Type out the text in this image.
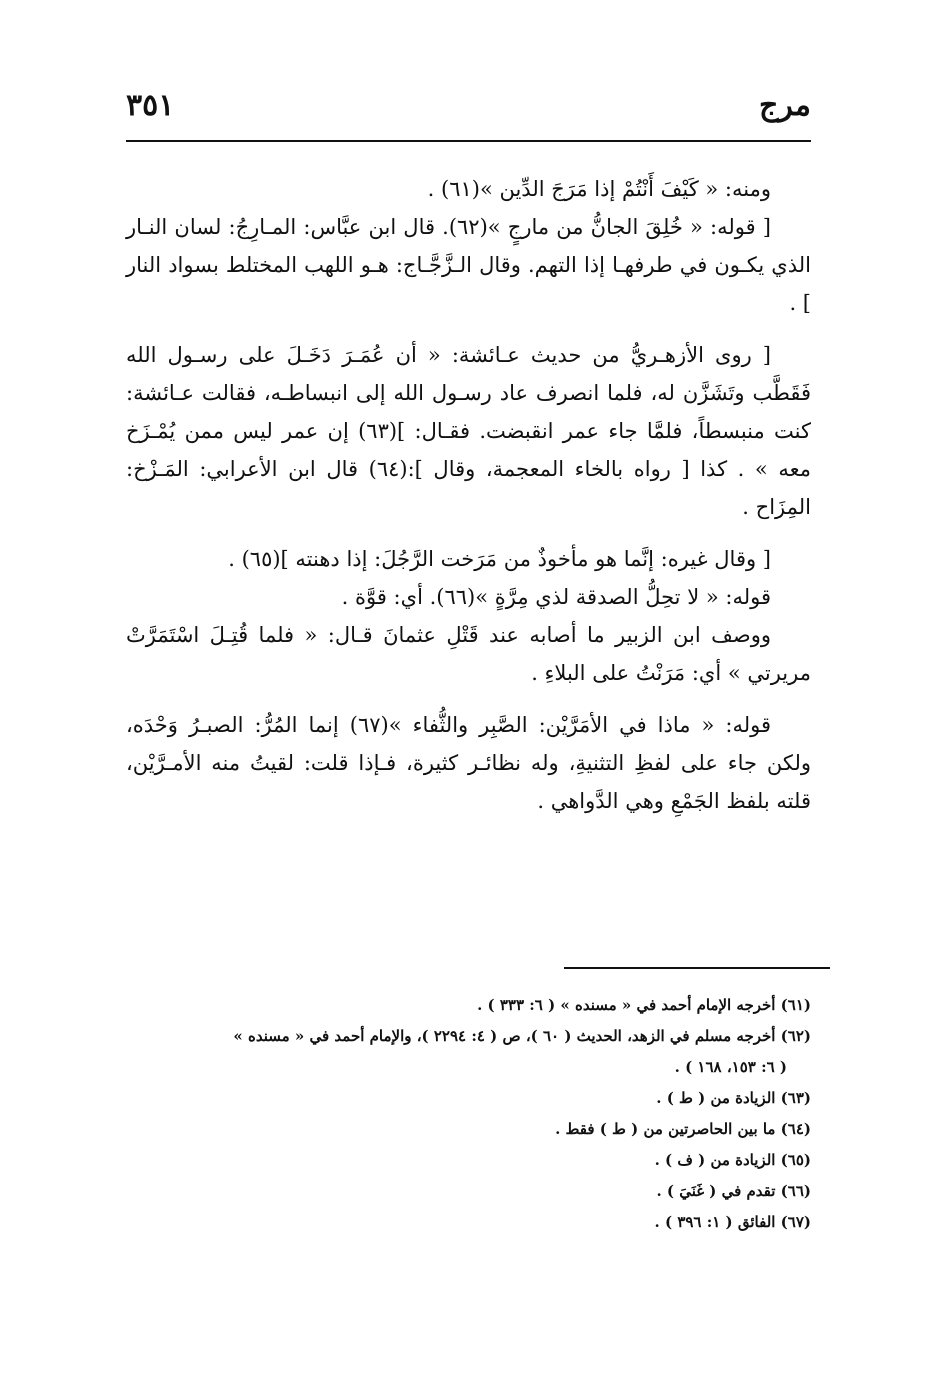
مرج
٣٥١

ومنه: « كَيْفَ أَنْتُمْ إذا مَرَجَ الدِّين »(٦١) .

[ قوله: « خُلِقَ الجانُّ من مارجٍ »(٦٢). قال ابن عبَّاس: المـارِجُ: لسان النـار الذي يكـون في طرفهـا إذا التهم. وقال الـزَّجَّـاج: هـو اللهب المختلط بسواد النار ] .

[ روى الأزهـريُّ من حديث عـائشة: « أن عُمَـرَ دَخَـلَ على رسـول الله فَقَطَّب وتَشَزَّن له، فلما انصرف عاد رسـول الله إلى انبساطـه، فقالت عـائشة: كنت منبسطاً، فلمَّا جاء عمر انقبضت. فقـال: ](٦٣) إن عمر ليس ممن يُمْـزَخ معه » . كذا [ رواه بالخاء المعجمة، وقال ]:(٦٤) قال ابن الأعرابي: المَـزْخ: المِزَاح .

[ وقال غيره: إنَّما هو مأخوذٌ من مَرَخت الرَّجُلَ: إذا دهنته ](٦٥) .

قوله: « لا تحِلُّ الصدقة لذي مِرَّةٍ »(٦٦). أي: قوَّة .

ووصف ابن الزبير ما أصابه عند قَتْلِ عثمانَ قـال: « فلما قُتِـلَ اسْتَمَرَّتْ مريرتي » أي: مَرَنْتُ على البلاءِ .

قوله: « ماذا في الأمَرَّيْن: الصَّبِر والثُّفاء »(٦٧) إنما المُرُّ: الصبـرُ وَحْدَه، ولكن جاء على لفظِ التثنيةِ، وله نظائـر كثيرة، فـإذا قلت: لقيتُ منه الأمـرَّيْن، قلته بلفظ الجَمْعِ وهي الدَّواهي .

(٦١) أخرجه الإمام أحمد في « مسنده » ( ٦: ٣٣٣ ) .

(٦٢) أخرجه مسلم في الزهد، الحديث ( ٦٠ )، ص ( ٤: ٢٢٩٤ )، والإمام أحمد في « مسنده »

( ٦: ١٥٣، ١٦٨ ) .

(٦٣) الزيادة من ( ط ) .

(٦٤) ما بين الحاصرتين من ( ط ) فقط .

(٦٥) الزيادة من ( ف ) .

(٦٦) تقدم في ( غَنَيَ ) .

(٦٧) الفائق ( ١: ٣٩٦ ) .
